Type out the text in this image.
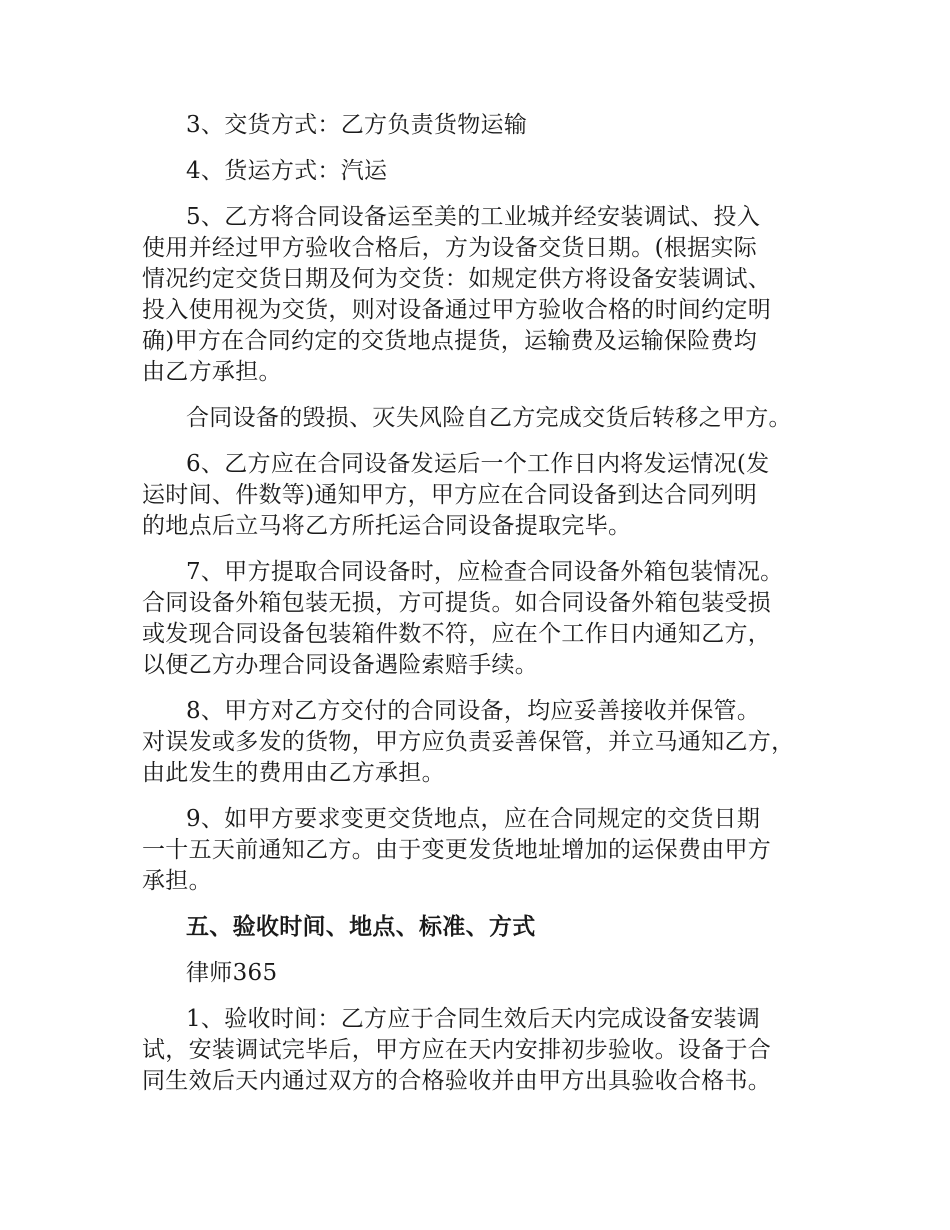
3、交货方式：乙方负责货物运输

4、货运方式：汽运

5、乙方将合同设备运至美的工业城并经安装调试、投入
使用并经过甲方验收合格后，方为设备交货日期。(根据实际
情况约定交货日期及何为交货：如规定供方将设备安装调试、
投入使用视为交货，则对设备通过甲方验收合格的时间约定明
确)甲方在合同约定的交货地点提货，运输费及运输保险费均
由乙方承担。

合同设备的毁损、灭失风险自乙方完成交货后转移之甲方。

6、乙方应在合同设备发运后一个工作日内将发运情况(发
运时间、件数等)通知甲方，甲方应在合同设备到达合同列明
的地点后立马将乙方所托运合同设备提取完毕。

7、甲方提取合同设备时，应检查合同设备外箱包装情况。
合同设备外箱包装无损，方可提货。如合同设备外箱包装受损
或发现合同设备包装箱件数不符，应在个工作日内通知乙方，
以便乙方办理合同设备遇险索赔手续。

8、甲方对乙方交付的合同设备，均应妥善接收并保管。
对误发或多发的货物，甲方应负责妥善保管，并立马通知乙方，
由此发生的费用由乙方承担。

9、如甲方要求变更交货地点，应在合同规定的交货日期
一十五天前通知乙方。由于变更发货地址增加的运保费由甲方
承担。

五、验收时间、地点、标准、方式

律师365

1、验收时间：乙方应于合同生效后天内完成设备安装调
试，安装调试完毕后，甲方应在天内安排初步验收。设备于合
同生效后天内通过双方的合格验收并由甲方出具验收合格书。
